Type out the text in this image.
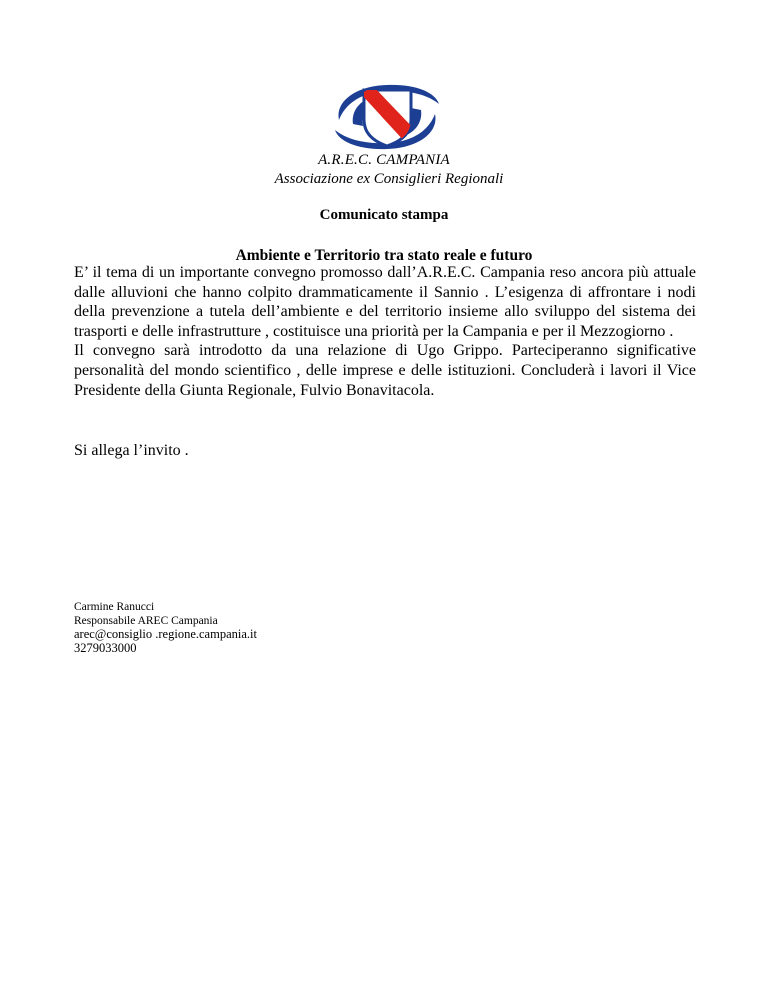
A.R.E.C. CAMPANIA
Associazione ex Consiglieri Regionali
Comunicato stampa
Ambiente e Territorio tra stato reale e futuro

E’ il tema di un importante convegno promosso dall’A.R.E.C. Campania reso ancora più attuale dalle alluvioni che hanno colpito drammaticamente il Sannio . L’esigenza di affrontare i nodi della prevenzione a tutela dell’ambiente e del territorio insieme allo sviluppo del sistema dei trasporti e delle infrastrutture , costituisce una priorità per la Campania e per il Mezzogiorno .

Il convegno sarà introdotto da una relazione di Ugo Grippo. Parteciperanno significative personalità del mondo scientifico , delle imprese e delle istituzioni. Concluderà i lavori il Vice Presidente della Giunta Regionale, Fulvio Bonavitacola.

Si allega l’invito .
Carmine Ranucci
Responsabile AREC Campania
arec@consiglio .regione.campania.it
3279033000
